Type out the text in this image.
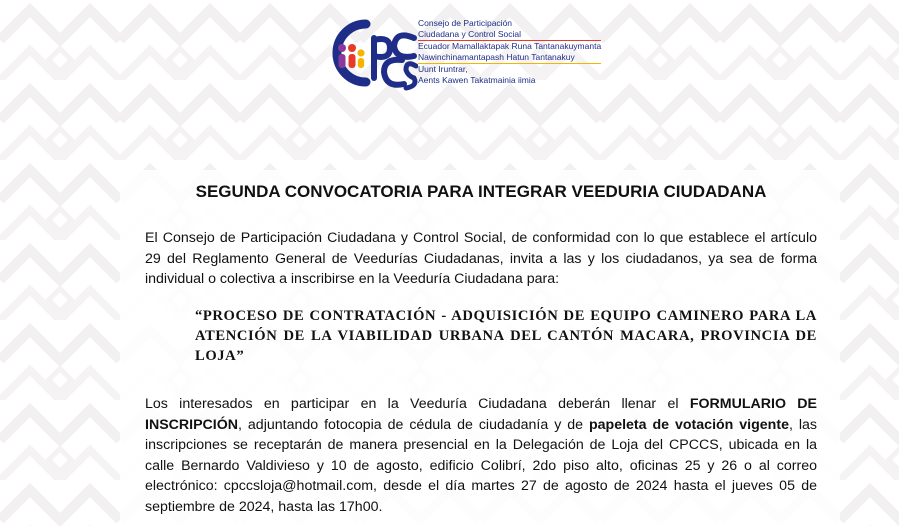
Consejo de Participación
Ciudadana y Control Social
Ecuador Mamallaktapak Runa Tantanakuymanta
Nawinchinamantapash Hatun Tantanakuy
Uunt Iruntrar,
Aents Kawen Takatmainia iimia
SEGUNDA CONVOCATORIA PARA INTEGRAR VEEDURIA CIUDADANA

El Consejo de Participación Ciudadana y Control Social, de conformidad con lo que establece el artículo 29 del Reglamento General de Veedurías Ciudadanas, invita a las y los ciudadanos, ya sea de forma individual o colectiva a inscribirse en la Veeduría Ciudadana para:

“PROCESO DE CONTRATACIÓN - ADQUISICIÓN DE EQUIPO CAMINERO PARA LA ATENCIÓN DE LA VIABILIDAD URBANA DEL CANTÓN MACARA, PROVINCIA DE LOJA”

Los interesados en participar en la Veeduría Ciudadana deberán llenar el FORMULARIO DE INSCRIPCIÓN, adjuntando fotocopia de cédula de ciudadanía y de papeleta de votación vigente, las inscripciones se receptarán de manera presencial en la Delegación de Loja del CPCCS, ubicada en la calle Bernardo Valdivieso y 10 de agosto, edificio Colibrí, 2do piso alto, oficinas 25 y 26 o al correo electrónico: cpccsloja@hotmail.com, desde el día martes 27 de agosto de 2024 hasta el jueves 05 de septiembre de 2024, hasta las 17h00.
